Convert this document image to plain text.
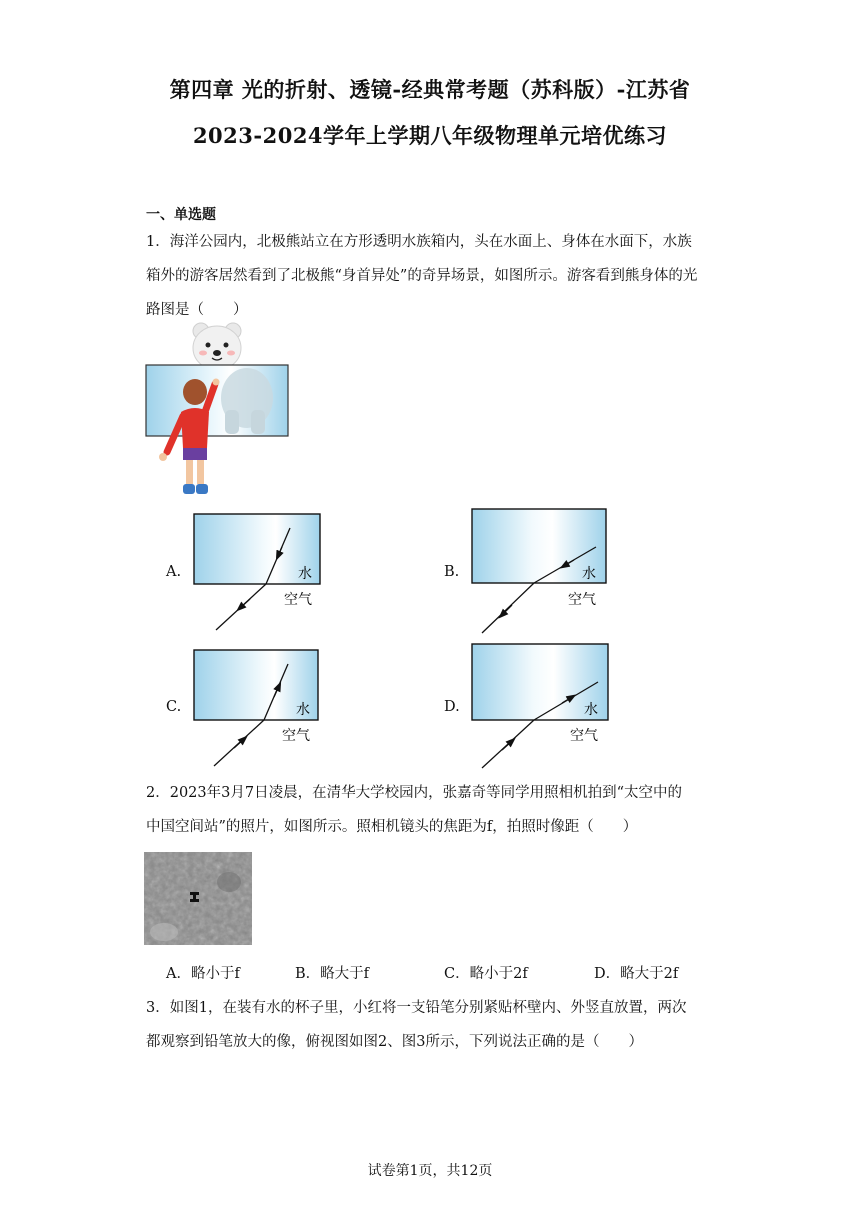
第四章 光的折射、透镜-经典常考题（苏科版）-江苏省
2023-2024学年上学期八年级物理单元培优练习
一、单选题
1．海洋公园内，北极熊站立在方形透明水族箱内，头在水面上、身体在水面下，水族
箱外的游客居然看到了北极熊“身首异处”的奇异场景，如图所示。游客看到熊身体的光
路图是（　　）
A.	水
空气
B.	水
空气
C.	水
空气
D.	水
空气
2．2023年3月7日凌晨，在清华大学校园内，张嘉奇等同学用照相机拍到“太空中的
中国空间站”的照片，如图所示。照相机镜头的焦距为f，拍照时像距（　　）
A．略小于f	B．略大于f	C．略小于2f	D．略大于2f
3．如图1，在装有水的杯子里，小红将一支铅笔分别紧贴杯壁内、外竖直放置，两次
都观察到铅笔放大的像，俯视图如图2、图3所示，下列说法正确的是（　　）
试卷第1页，共12页
